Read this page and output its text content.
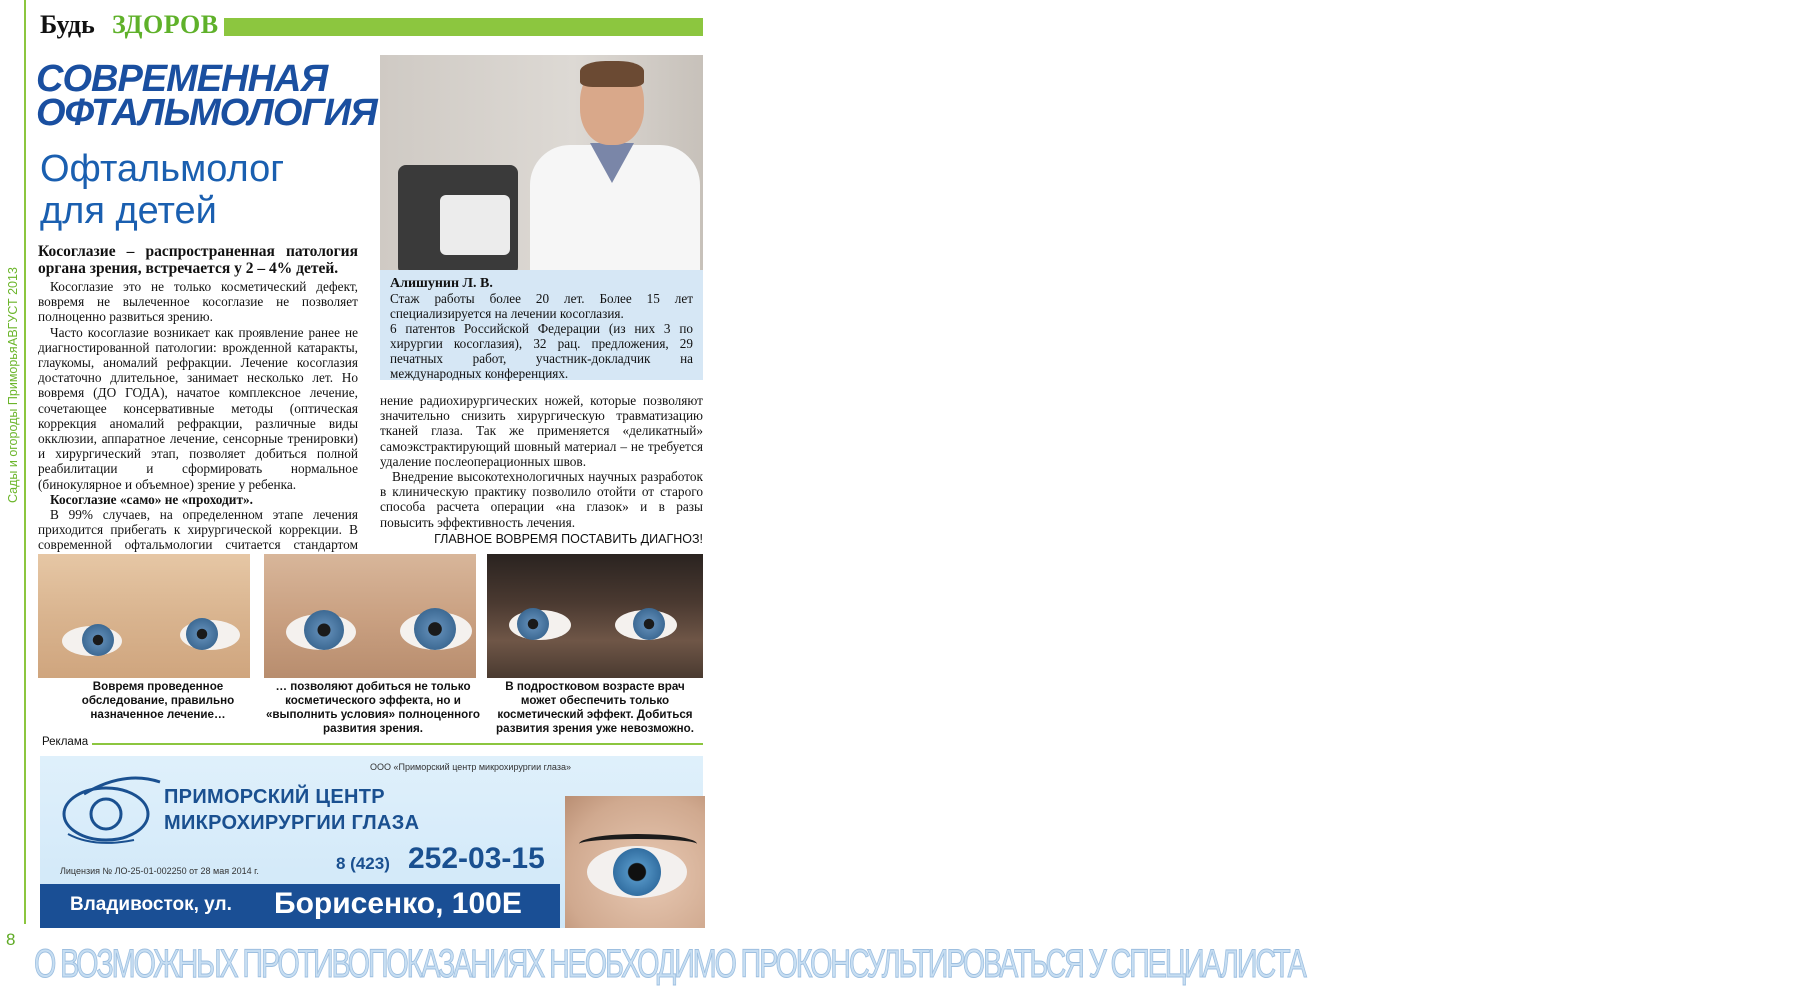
Сады и огороды Приморья
АВГУСТ 2013
8
Будь ЗДОРОВ
СОВРЕМЕННАЯ
ОФТАЛЬМОЛОГИЯ
Офтальмолог
для детей

Алишунин Л. В.

Стаж работы более 20 лет. Более 15 лет специализируется на лечении косоглазия.

6 патентов Российской Федерации (из них 3 по хирургии косоглазия), 32 рац. предложения, 29 печатных работ, участник-докладчик на международных конференциях.

Косоглазие – распространенная патология органа зрения, встречается у 2 – 4% детей.

Косоглазие это не только косметический дефект, вовремя не вылеченное косоглазие не позволяет полноценно развиться зрению.

Часто косоглазие возникает как проявление ранее не диагностированной патологии: врожденной катаракты, глаукомы, аномалий рефракции. Лечение косоглазия достаточно длительное, занимает несколько лет. Но вовремя (ДО ГОДА), начатое комплексное лечение, сочетающее консервативные методы (оптическая коррекция аномалий рефракции, различные виды окклюзии, аппаратное лечение, сенсорные тренировки) и хирургический этап, позволяет добиться полной реабилитации и сформировать нормальное (бинокулярное и объемное) зрение у ребенка.

Косоглазие «само» не «проходит».

В 99% случаев, на определенном этапе лечения приходится прибегать к хирургической коррекции. В современной офтальмологии считается стандартом

нение радиохирургических ножей, которые позволяют значительно снизить хирургическую травматизацию тканей глаза. Так же применяется «деликатный» самоэкстрактирующий шовный материал – не требуется удаление послеоперационных швов.

Внедрение высокотехнологичных научных разработок в клиническую практику позволило отойти от старого способа расчета операции «на глазок» и в разы повысить эффективность лечения.

ГЛАВНОЕ ВОВРЕМЯ ПОСТАВИТЬ ДИАГНОЗ!

Вовремя проведенное обследование, правильно назначенное лечение…
… позволяют добиться не только косметического эффекта, но и «выполнить условия» полноценного развития зрения.
В подростковом возрасте врач может обеспечить только косметический эффект. Добиться развития зрения уже невозможно.
Реклама
ООО «Приморский центр микрохирургии глаза»
ПРИМОРСКИЙ ЦЕНТР
МИКРОХИРУРГИИ ГЛАЗА
Лицензия № ЛО-25-01-002250 от 28 мая 2014 г.	8 (423) 252-03-15
Владивосток, ул. Борисенко, 100Е
О ВОЗМОЖНЫХ ПРОТИВОПОКАЗАНИЯХ НЕОБХОДИМО ПРОКОНСУЛЬТИРОВАТЬСЯ У СПЕЦИАЛИСТА
